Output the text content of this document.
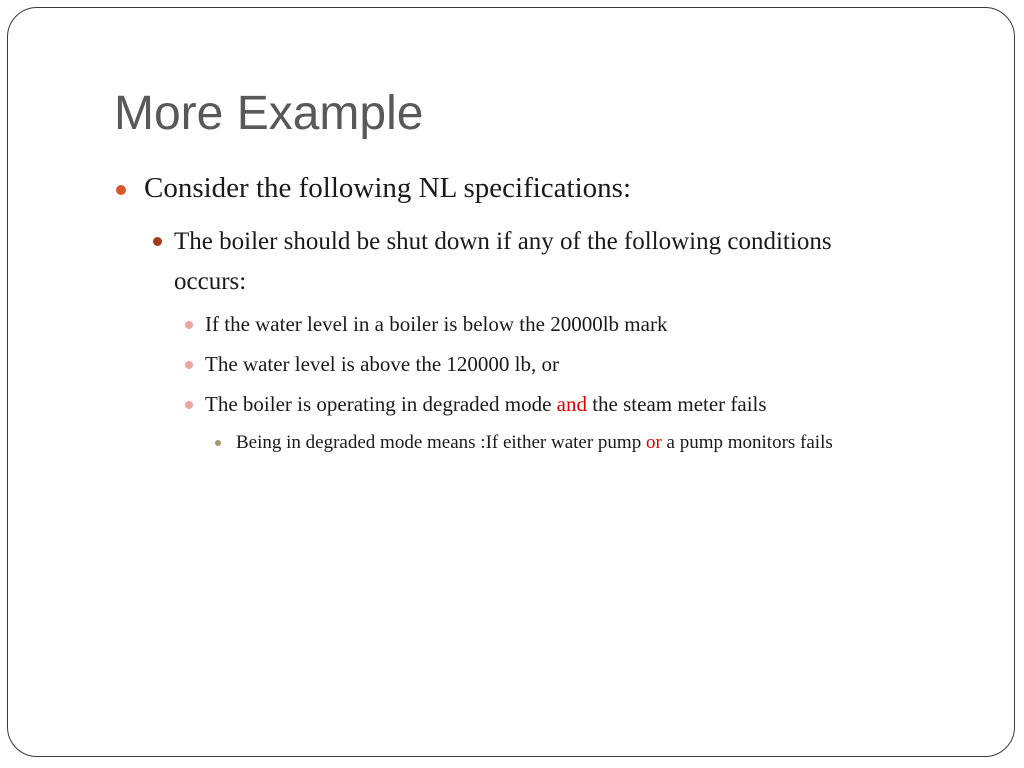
More Example

Consider the following NL specifications:

The boiler should be shut down if any of the following conditions occurs:

If the water level in a boiler is below the 20000lb mark

The water level is above the 120000 lb, or

The boiler is operating in degraded mode and the steam meter fails

Being in degraded mode means :If either water pump or a pump monitors fails
